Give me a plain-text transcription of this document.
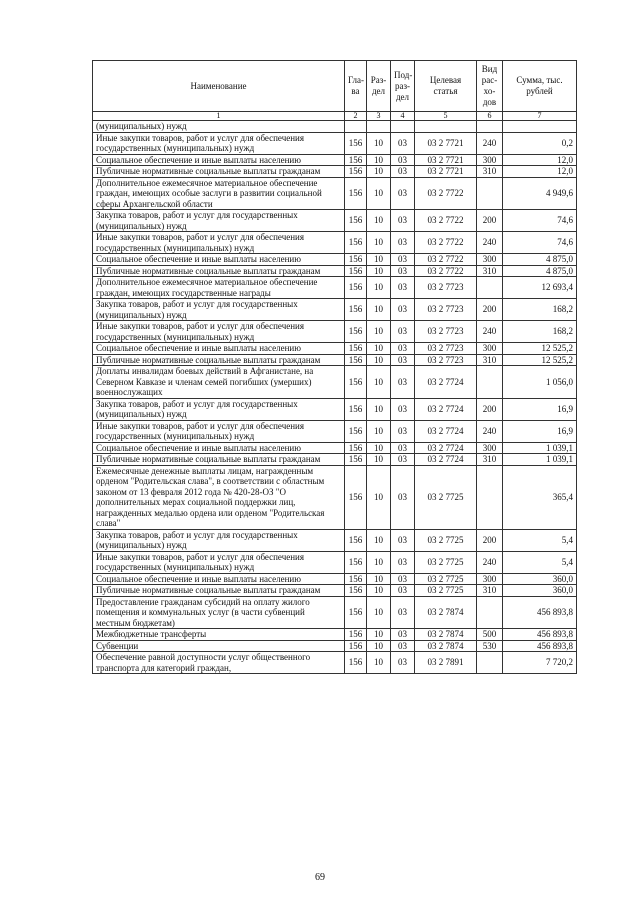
Наименование	Гла-ва	Раз-дел	Под-раз-дел	Целевая статья	Вид рас-хо-дов	Сумма, тыс. рублей
1	2	3	4	5	6	7
(муниципальных) нужд						
Иные закупки товаров, работ и услуг для обеспечения государственных (муниципальных) нужд	156	10	03	03 2 7721	240	0,2
Социальное обеспечение и иные выплаты населению	156	10	03	03 2 7721	300	12,0
Публичные нормативные социальные выплаты гражданам	156	10	03	03 2 7721	310	12,0
Дополнительное ежемесячное материальное обеспечение граждан, имеющих особые заслуги в развитии социальной сферы Архангельской области	156	10	03	03 2 7722		4 949,6
Закупка товаров, работ и услуг для государственных (муниципальных) нужд	156	10	03	03 2 7722	200	74,6
Иные закупки товаров, работ и услуг для обеспечения государственных (муниципальных) нужд	156	10	03	03 2 7722	240	74,6
Социальное обеспечение и иные выплаты населению	156	10	03	03 2 7722	300	4 875,0
Публичные нормативные социальные выплаты гражданам	156	10	03	03 2 7722	310	4 875,0
Дополнительное ежемесячное материальное обеспечение граждан, имеющих государственные награды	156	10	03	03 2 7723		12 693,4
Закупка товаров, работ и услуг для государственных (муниципальных) нужд	156	10	03	03 2 7723	200	168,2
Иные закупки товаров, работ и услуг для обеспечения государственных (муниципальных) нужд	156	10	03	03 2 7723	240	168,2
Социальное обеспечение и иные выплаты населению	156	10	03	03 2 7723	300	12 525,2
Публичные нормативные социальные выплаты гражданам	156	10	03	03 2 7723	310	12 525,2
Доплаты инвалидам боевых действий в Афганистане, на Северном Кавказе и членам семей погибших (умерших) военнослужащих	156	10	03	03 2 7724		1 056,0
Закупка товаров, работ и услуг для государственных (муниципальных) нужд	156	10	03	03 2 7724	200	16,9
Иные закупки товаров, работ и услуг для обеспечения государственных (муниципальных) нужд	156	10	03	03 2 7724	240	16,9
Социальное обеспечение и иные выплаты населению	156	10	03	03 2 7724	300	1 039,1
Публичные нормативные социальные выплаты гражданам	156	10	03	03 2 7724	310	1 039,1
Ежемесячные денежные выплаты лицам, награжденным орденом "Родительская слава", в соответствии с областным законом от 13 февраля 2012 года № 420-28-ОЗ "О дополнительных мерах социальной поддержки лиц, награжденных медалью ордена или орденом "Родительская слава"	156	10	03	03 2 7725		365,4
Закупка товаров, работ и услуг для государственных (муниципальных) нужд	156	10	03	03 2 7725	200	5,4
Иные закупки товаров, работ и услуг для обеспечения государственных (муниципальных) нужд	156	10	03	03 2 7725	240	5,4
Социальное обеспечение и иные выплаты населению	156	10	03	03 2 7725	300	360,0
Публичные нормативные социальные выплаты гражданам	156	10	03	03 2 7725	310	360,0
Предоставление гражданам субсидий на оплату жилого помещения и коммунальных услуг (в части субвенций местным бюджетам)	156	10	03	03 2 7874		456 893,8
Межбюджетные трансферты	156	10	03	03 2 7874	500	456 893,8
Субвенции	156	10	03	03 2 7874	530	456 893,8
Обеспечение равной доступности услуг общественного транспорта для категорий граждан,	156	10	03	03 2 7891		7 720,2
69
